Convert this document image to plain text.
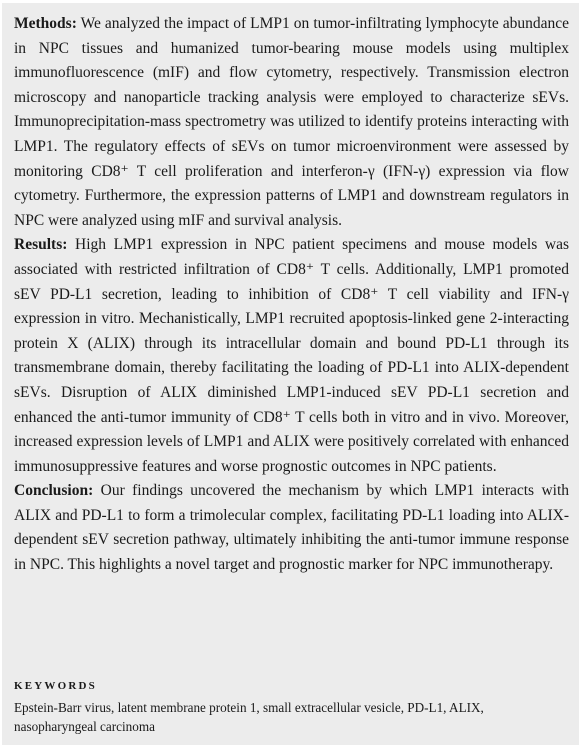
Methods: We analyzed the impact of LMP1 on tumor-infiltrating lymphocyte abundance in NPC tissues and humanized tumor-bearing mouse models using multiplex immunofluorescence (mIF) and flow cytometry, respectively. Transmission electron microscopy and nanoparticle tracking analysis were employed to characterize sEVs. Immunoprecipitation-mass spectrometry was utilized to identify proteins interacting with LMP1. The regulatory effects of sEVs on tumor microenvironment were assessed by monitoring CD8⁺ T cell proliferation and interferon-γ (IFN-γ) expression via flow cytometry. Furthermore, the expression patterns of LMP1 and downstream regulators in NPC were analyzed using mIF and survival analysis.

Results: High LMP1 expression in NPC patient specimens and mouse models was associated with restricted infiltration of CD8⁺ T cells. Additionally, LMP1 promoted sEV PD-L1 secretion, leading to inhibition of CD8⁺ T cell viability and IFN-γ expression in vitro. Mechanistically, LMP1 recruited apoptosis-linked gene 2-interacting protein X (ALIX) through its intracellular domain and bound PD-L1 through its transmembrane domain, thereby facilitating the loading of PD-L1 into ALIX-dependent sEVs. Disruption of ALIX diminished LMP1-induced sEV PD-L1 secretion and enhanced the anti-tumor immunity of CD8⁺ T cells both in vitro and in vivo. Moreover, increased expression levels of LMP1 and ALIX were positively correlated with enhanced immunosuppressive features and worse prognostic outcomes in NPC patients.

Conclusion: Our findings uncovered the mechanism by which LMP1 interacts with ALIX and PD-L1 to form a trimolecular complex, facilitating PD-L1 loading into ALIX-dependent sEV secretion pathway, ultimately inhibiting the anti-tumor immune response in NPC. This highlights a novel target and prognostic marker for NPC immunotherapy.

KEYWORDS

Epstein-Barr virus, latent membrane protein 1, small extracellular vesicle, PD-L1, ALIX, nasopharyngeal carcinoma
